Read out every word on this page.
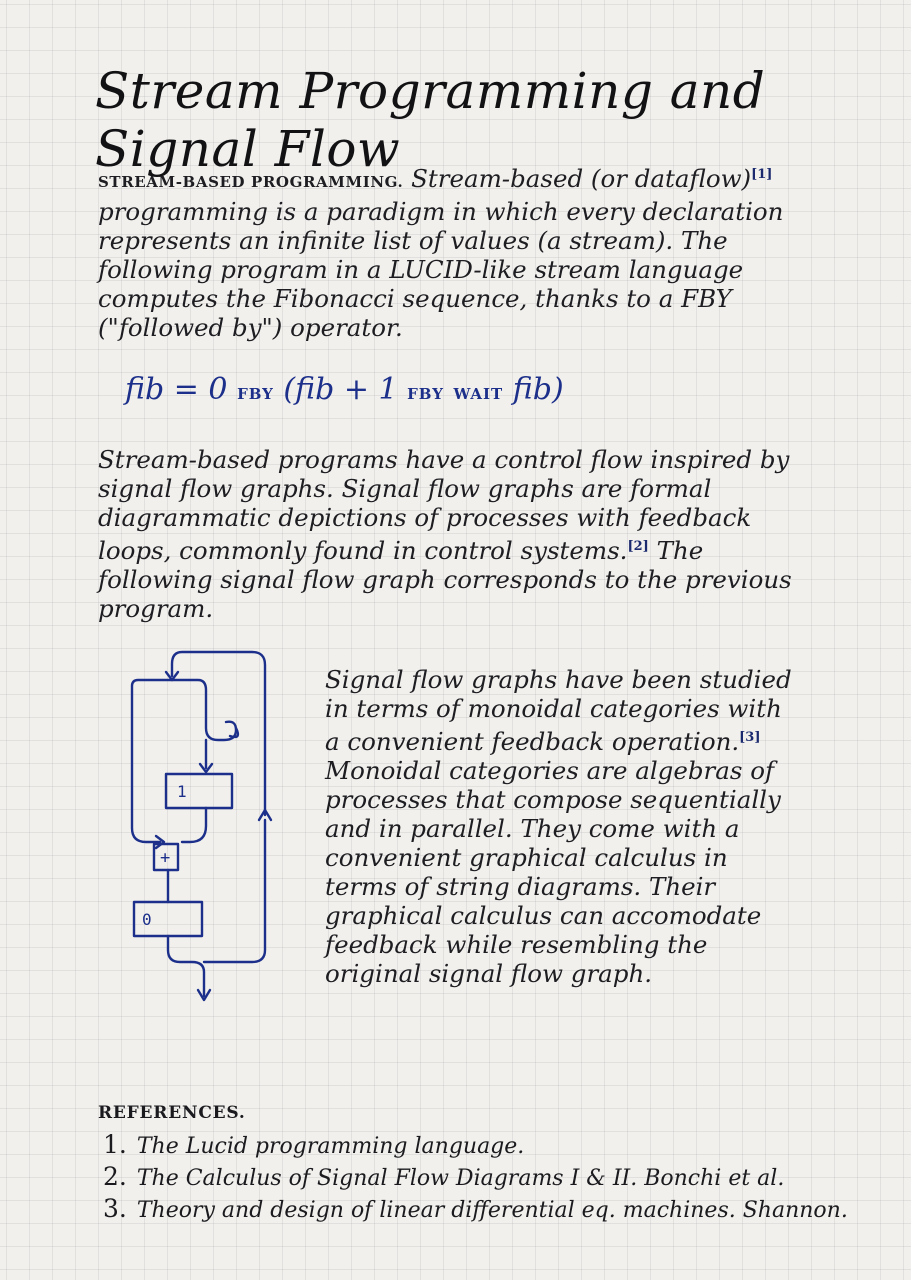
Stream Programming and Signal Flow
STREAM-BASED PROGRAMMING. Stream-based (or dataflow)[1] programming is a paradigm in which every declaration represents an infinite list of values (a stream). The following program in a LUCID-like stream language computes the Fibonacci sequence, thanks to a FBY ("followed by") operator.
fib = 0 FBY (fib + 1 FBY WAIT fib)
Stream-based programs have a control flow inspired by signal flow graphs. Signal flow graphs are formal diagrammatic depictions of processes with feedback loops, commonly found in control systems.[2] The following signal flow graph corresponds to the previous program.
1
+
0
Signal flow graphs have been studied in terms of monoidal categories with a convenient feedback operation.[3] Monoidal categories are algebras of processes that compose sequentially and in parallel. They come with a convenient graphical calculus in terms of string diagrams. Their graphical calculus can accomodate feedback while resembling the original signal flow graph.
REFERENCES.
1. The Lucid programming language.
2. The Calculus of Signal Flow Diagrams I & II. Bonchi et al.
3. Theory and design of linear differential eq. machines. Shannon.
